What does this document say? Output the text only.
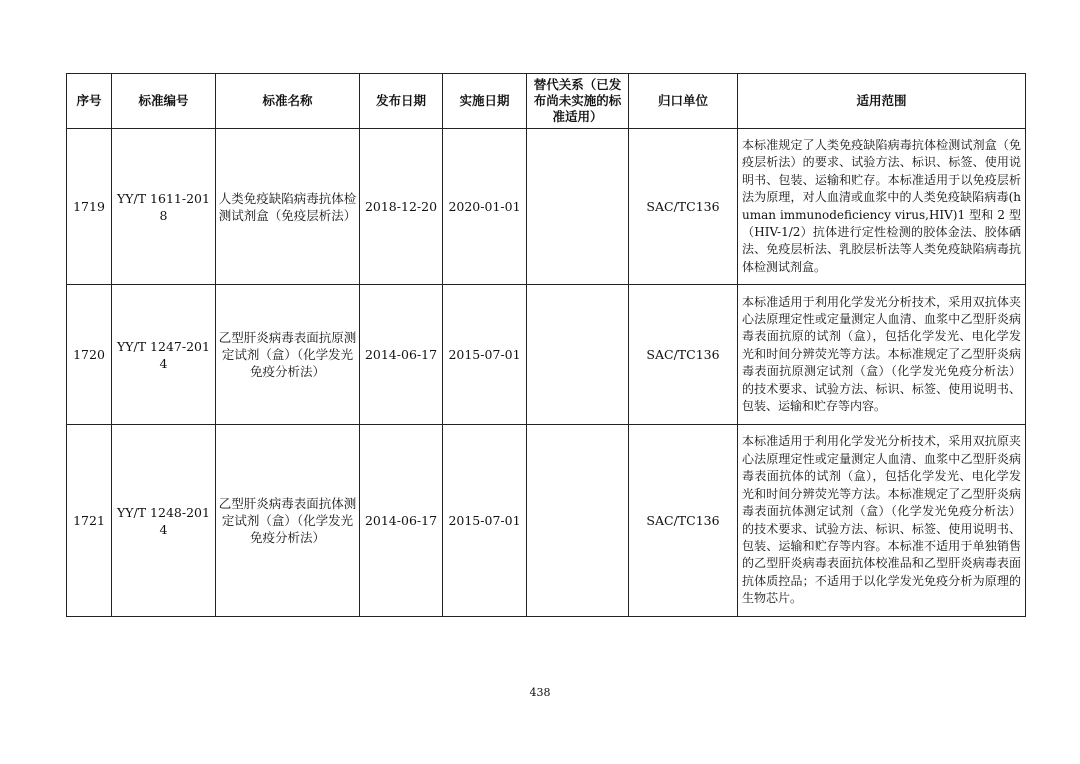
序号	标准编号	标准名称	发布日期	实施日期	替代关系（已发布尚未实施的标准适用）	归口单位	适用范围
1719	YY/T 1611-2018	人类免疫缺陷病毒抗体检测试剂盒（免疫层析法）	2018-12-20	2020-01-01		SAC/TC136	本标准规定了人类免疫缺陷病毒抗体检测试剂盒（免疫层析法）的要求、试验方法、标识、标签、使用说明书、包装、运输和贮存。本标准适用于以免疫层析法为原理，对人血清或血浆中的人类免疫缺陷病毒(human immunodeficiency virus,HIV)1 型和 2 型（HIV-1/2）抗体进行定性检测的胶体金法、胶体硒法、免疫层析法、乳胶层析法等人类免疫缺陷病毒抗体检测试剂盒。
1720	YY/T 1247-2014	乙型肝炎病毒表面抗原测定试剂（盒）（化学发光免疫分析法）	2014-06-17	2015-07-01		SAC/TC136	本标准适用于利用化学发光分析技术，采用双抗体夹心法原理定性或定量测定人血清、血浆中乙型肝炎病毒表面抗原的试剂（盒），包括化学发光、电化学发光和时间分辨荧光等方法。本标准规定了乙型肝炎病毒表面抗原测定试剂（盒）（化学发光免疫分析法）的技术要求、试验方法、标识、标签、使用说明书、包装、运输和贮存等内容。
1721	YY/T 1248-2014	乙型肝炎病毒表面抗体测定试剂（盒）（化学发光免疫分析法）	2014-06-17	2015-07-01		SAC/TC136	本标准适用于利用化学发光分析技术，采用双抗原夹心法原理定性或定量测定人血清、血浆中乙型肝炎病毒表面抗体的试剂（盒），包括化学发光、电化学发光和时间分辨荧光等方法。本标准规定了乙型肝炎病毒表面抗体测定试剂（盒）（化学发光免疫分析法）的技术要求、试验方法、标识、标签、使用说明书、包装、运输和贮存等内容。本标准不适用于单独销售的乙型肝炎病毒表面抗体校准品和乙型肝炎病毒表面抗体质控品；不适用于以化学发光免疫分析为原理的生物芯片。
438
